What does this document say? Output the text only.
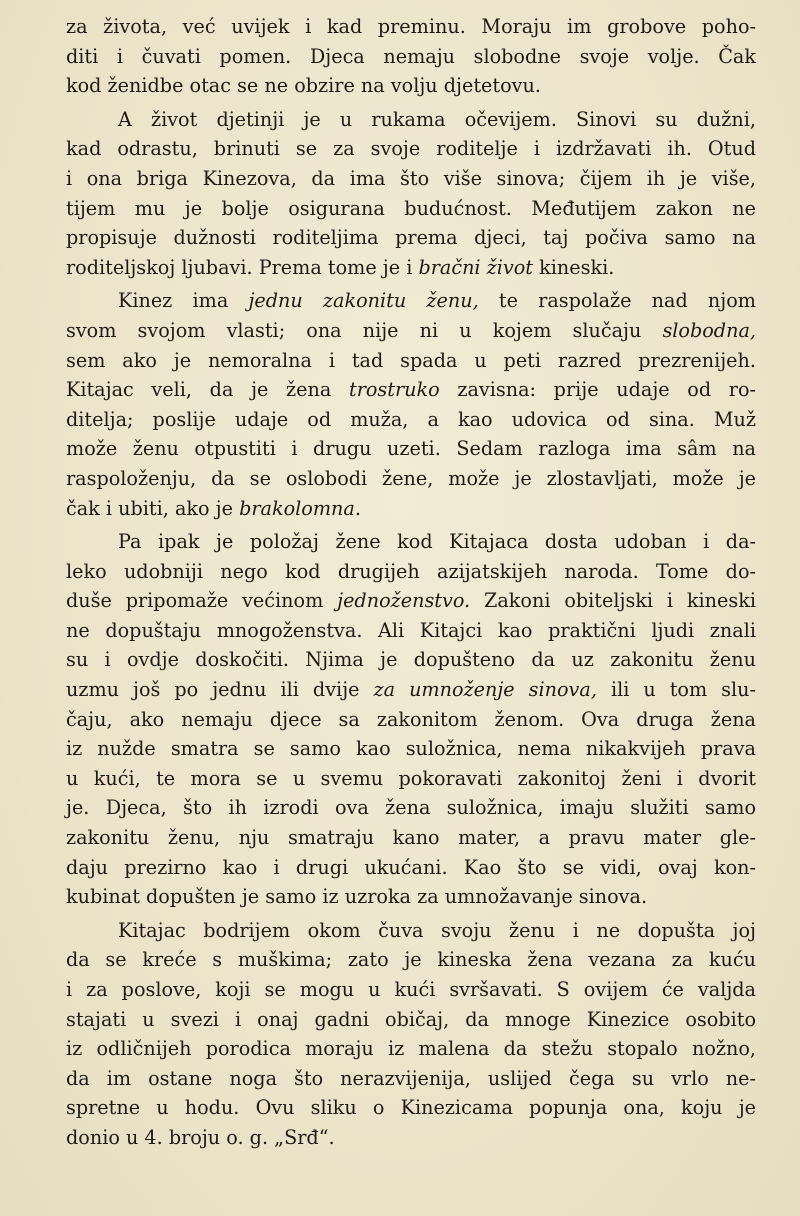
za života, već uvijek i kad preminu. Moraju im grobove poho-
diti i čuvati pomen. Djeca nemaju slobodne svoje volje. Čak
kod ženidbe otac se ne obzire na volju djetetovu.
A život djetinji je u rukama očevijem. Sinovi su dužni,
kad odrastu, brinuti se za svoje roditelje i izdržavati ih. Otud
i ona briga Kinezova, da ima što više sinova; čijem ih je više,
tijem mu je bolje osigurana budućnost. Međutijem zakon ne
propisuje dužnosti roditeljima prema djeci, taj počiva samo na
roditeljskoj ljubavi. Prema tome je i bračni život kineski.
Kinez ima jednu zakonitu ženu, te raspolaže nad njom
svom svojom vlasti; ona nije ni u kojem slučaju slobodna,
sem ako je nemoralna i tad spada u peti razred prezrenijeh.
Kitajac veli, da je žena trostruko zavisna: prije udaje od ro-
ditelja; poslije udaje od muža, a kao udovica od sina. Muž
može ženu otpustiti i drugu uzeti. Sedam razloga ima sâm na
raspoloženju, da se oslobodi žene, može je zlostavljati, može je
čak i ubiti, ako je brakolomna.
Pa ipak je položaj žene kod Kitajaca dosta udoban i da-
leko udobniji nego kod drugijeh azijatskijeh naroda. Tome do-
duše pripomaže većinom jednoženstvo. Zakoni obiteljski i kineski
ne dopuštaju mnogoženstva. Ali Kitajci kao praktični ljudi znali
su i ovdje doskočiti. Njima je dopušteno da uz zakonitu ženu
uzmu još po jednu ili dvije za umnoženje sinova, ili u tom slu-
čaju, ako nemaju djece sa zakonitom ženom. Ova druga žena
iz nužde smatra se samo kao suložnica, nema nikakvijeh prava
u kući, te mora se u svemu pokoravati zakonitoj ženi i dvorit
je. Djeca, što ih izrodi ova žena suložnica, imaju služiti samo
zakonitu ženu, nju smatraju kano mater, a pravu mater gle-
daju prezirno kao i drugi ukućani. Kao što se vidi, ovaj kon-
kubinat dopušten je samo iz uzroka za umnožavanje sinova.
Kitajac bodrijem okom čuva svoju ženu i ne dopušta joj
da se kreće s muškima; zato je kineska žena vezana za kuću
i za poslove, koji se mogu u kući svršavati. S ovijem će valjda
stajati u svezi i onaj gadni običaj, da mnoge Kinezice osobito
iz odličnijeh porodica moraju iz malena da stežu stopalo nožno,
da im ostane noga što nerazvijenija, uslijed čega su vrlo ne-
spretne u hodu. Ovu sliku o Kinezicama popunja ona, koju je
donio u 4. broju o. g. „Srđ“.
